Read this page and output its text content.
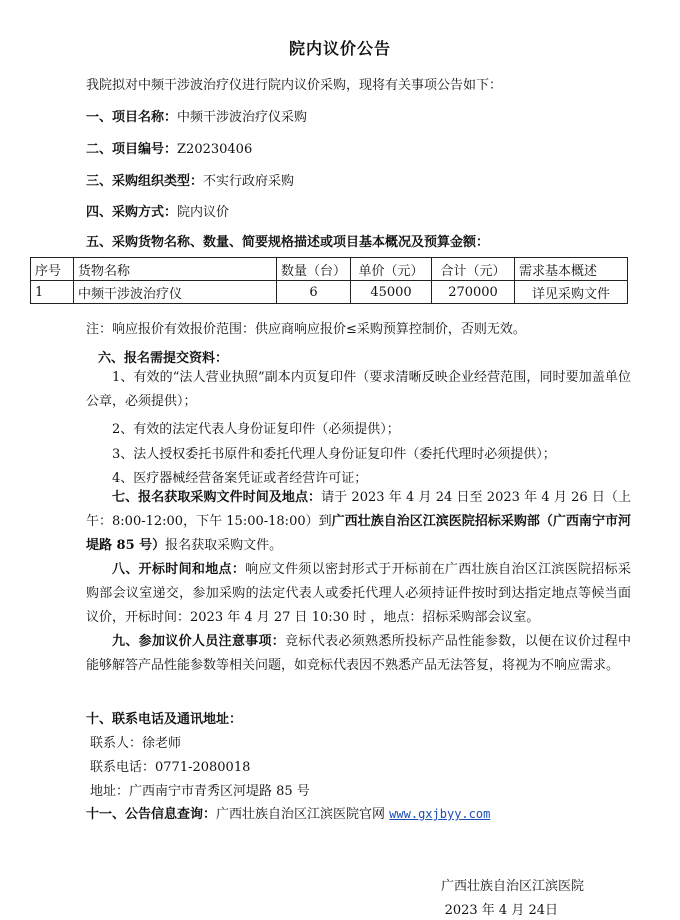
院内议价公告
我院拟对中频干涉波治疗仪进行院内议价采购，现将有关事项公告如下：
一、项目名称：中频干涉波治疗仪采购
二、项目编号：Z20230406
三、采购组织类型：不实行政府采购
四、采购方式：院内议价
五、采购货物名称、数量、简要规格描述或项目基本概况及预算金额：
序号	货物名称	数量（台）	单价（元）	合计（元）	需求基本概述
1	中频干涉波治疗仪	6	45000	270000	详见采购文件
注：响应报价有效报价范围：供应商响应报价≤采购预算控制价，否则无效。
六、报名需提交资料：
1、有效的“法人营业执照”副本内页复印件（要求清晰反映企业经营范围，同时要加盖单位公章，必须提供）；
2、有效的法定代表人身份证复印件（必须提供）；
3、法人授权委托书原件和委托代理人身份证复印件（委托代理时必须提供）；
4、医疗器械经营备案凭证或者经营许可证；
七、报名获取采购文件时间及地点：请于 2023 年 4 月 24 日至 2023 年 4 月 26 日（上午：8:00-12:00，下午 15:00-18:00）到广西壮族自治区江滨医院招标采购部（广西南宁市河堤路 85 号）报名获取采购文件。
八、开标时间和地点：响应文件须以密封形式于开标前在广西壮族自治区江滨医院招标采购部会议室递交，参加采购的法定代表人或委托代理人必须持证件按时到达指定地点等候当面议价，开标时间：2023 年 4 月 27 日 10:30 时 ，地点：招标采购部会议室。
九、参加议价人员注意事项：竞标代表必须熟悉所投标产品性能参数，以便在议价过程中能够解答产品性能参数等相关问题，如竞标代表因不熟悉产品无法答复，将视为不响应需求。
十、联系电话及通讯地址：
联系人：徐老师
联系电话：0771-2080018
地址：广西南宁市青秀区河堤路 85 号
十一、公告信息查询：广西壮族自治区江滨医院官网 www.gxjbyy.com
广西壮族自治区江滨医院
2023 年 4 月 24日
